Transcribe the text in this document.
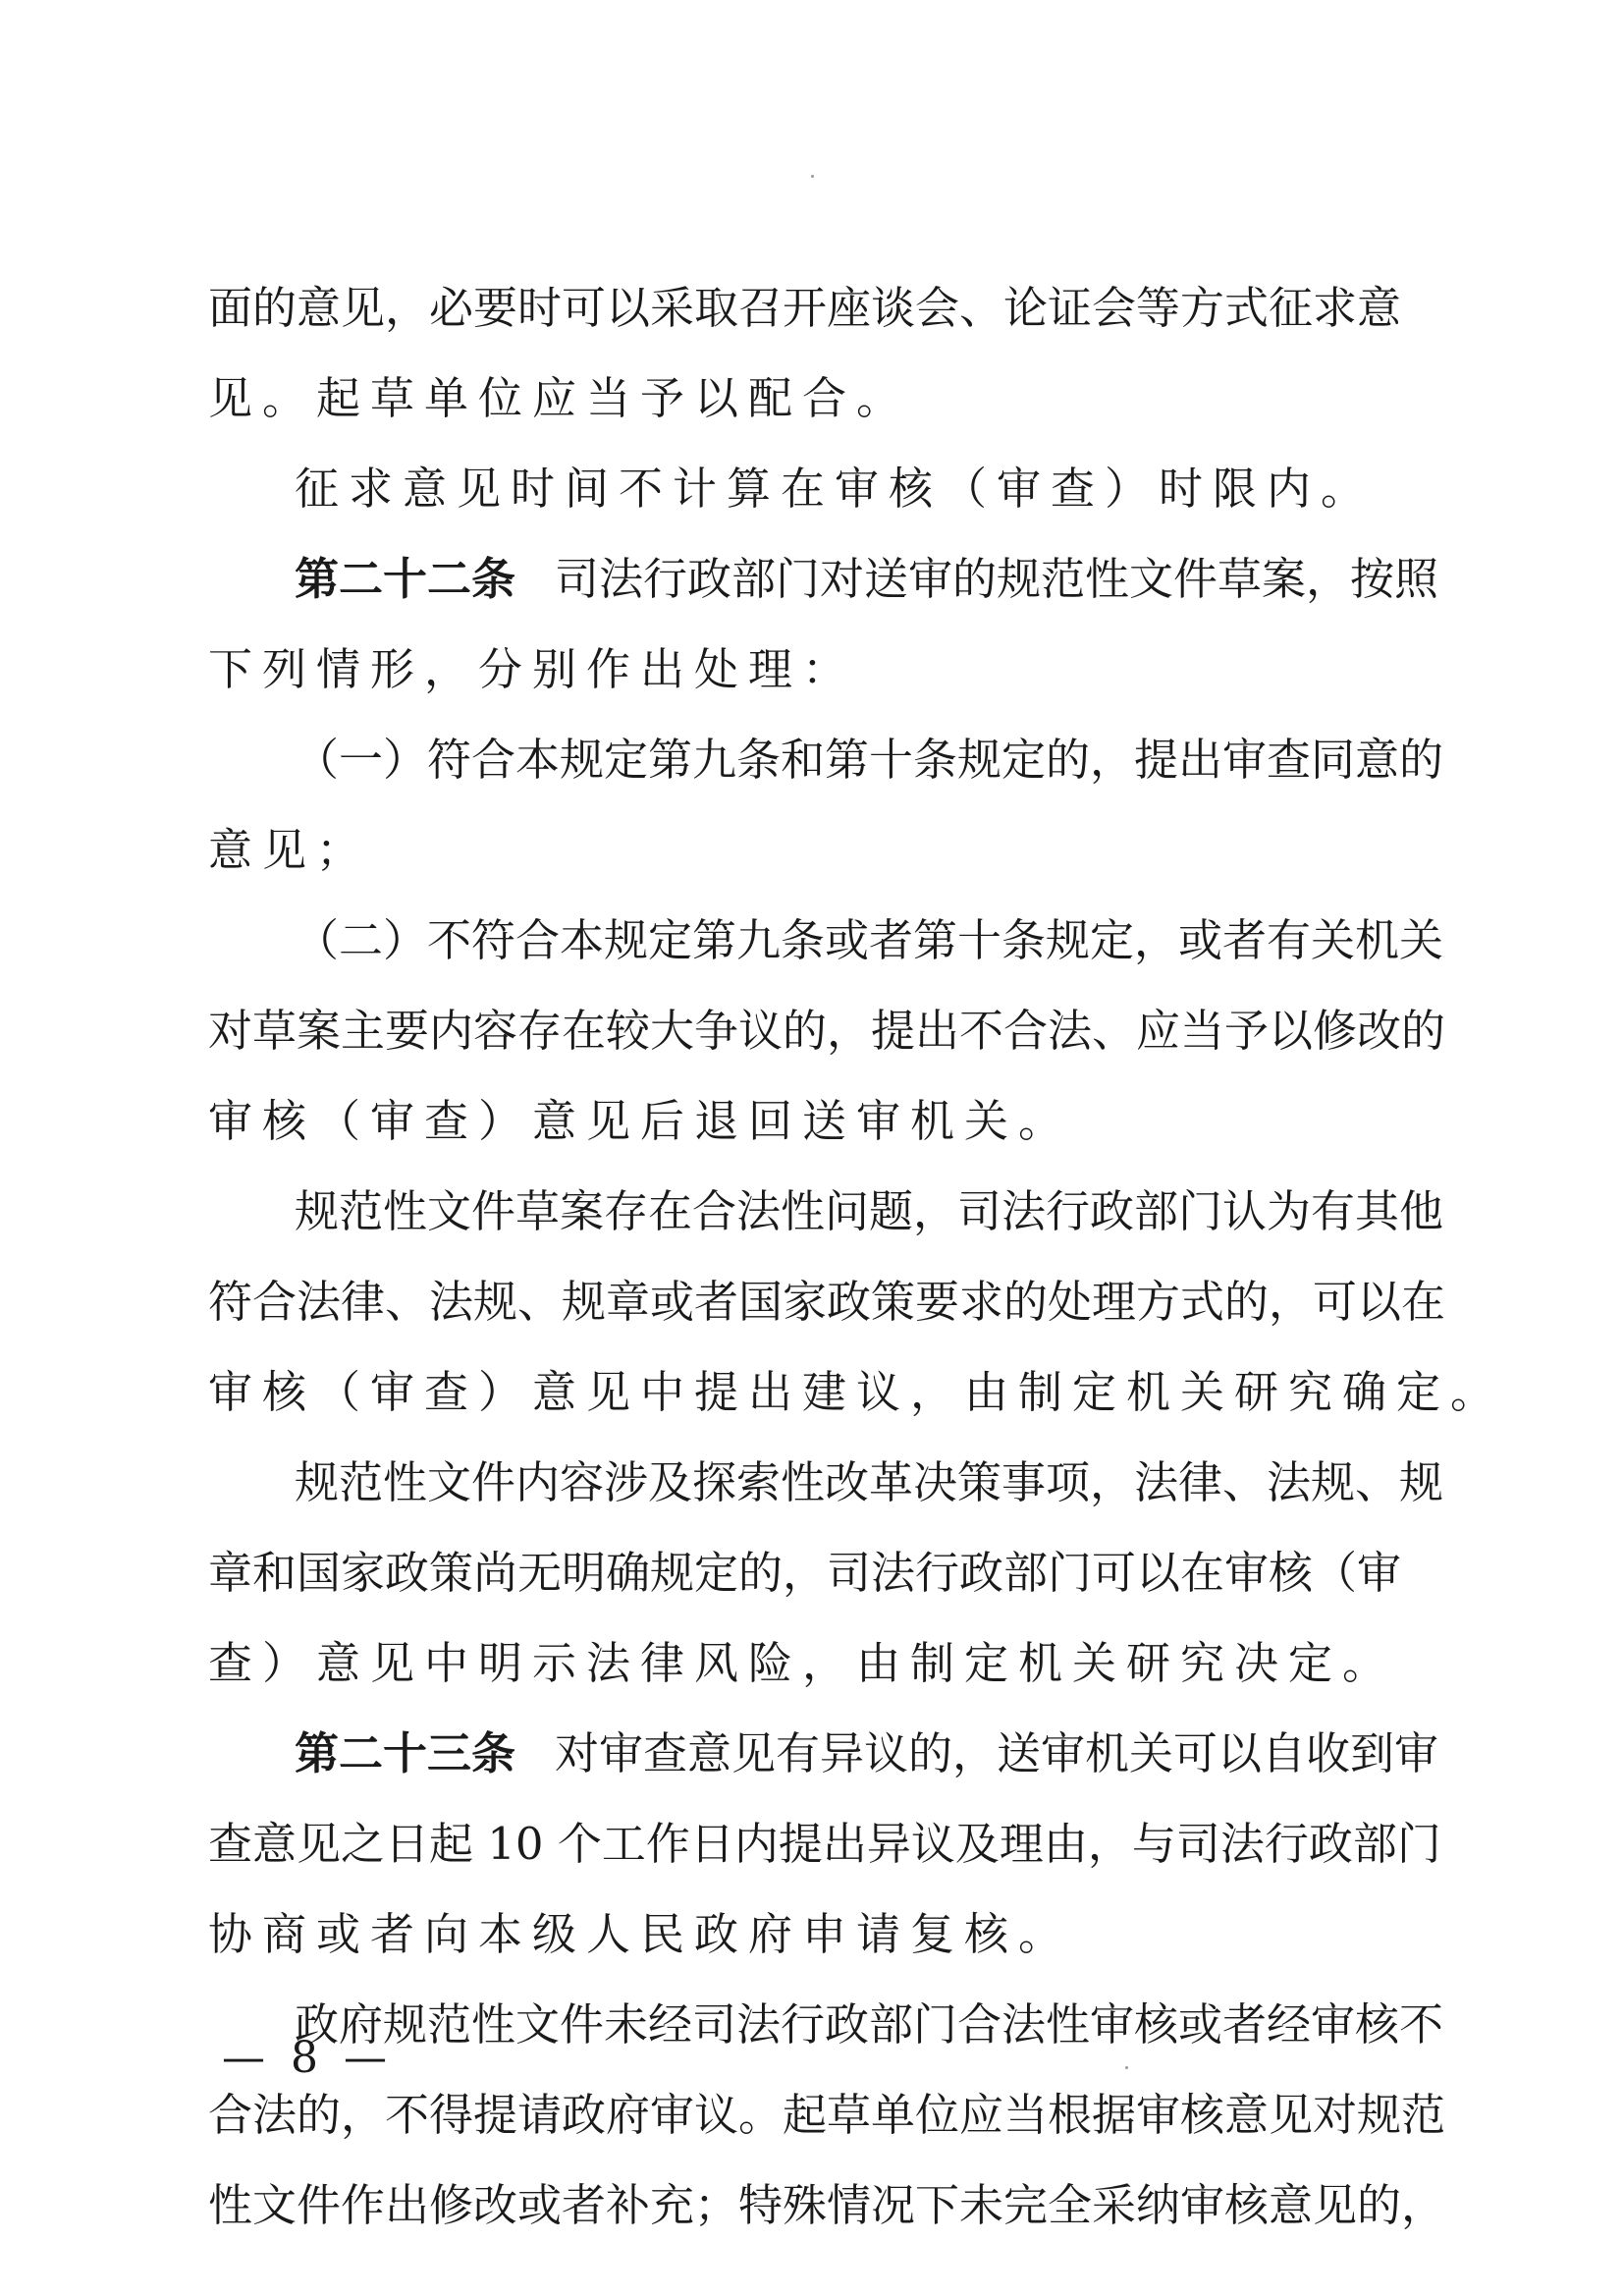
面的意见，必要时可以采取召开座谈会、论证会等方式征求意
见。起草单位应当予以配合。
征求意见时间不计算在审核（审查）时限内。
第二十二条 司法行政部门对送审的规范性文件草案，按照
下列情形，分别作出处理：
（一）符合本规定第九条和第十条规定的，提出审查同意的
意见；
（二）不符合本规定第九条或者第十条规定，或者有关机关
对草案主要内容存在较大争议的，提出不合法、应当予以修改的
审核（审查）意见后退回送审机关。
规范性文件草案存在合法性问题，司法行政部门认为有其他
符合法律、法规、规章或者国家政策要求的处理方式的，可以在
审核（审查）意见中提出建议，由制定机关研究确定。
规范性文件内容涉及探索性改革决策事项，法律、法规、规
章和国家政策尚无明确规定的，司法行政部门可以在审核（审
查）意见中明示法律风险，由制定机关研究决定。
第二十三条 对审查意见有异议的，送审机关可以自收到审
查意见之日起 10 个工作日内提出异议及理由，与司法行政部门
协商或者向本级人民政府申请复核。
政府规范性文件未经司法行政部门合法性审核或者经审核不
合法的，不得提请政府审议。起草单位应当根据审核意见对规范
性文件作出修改或者补充；特殊情况下未完全采纳审核意见的，
— 8 —
